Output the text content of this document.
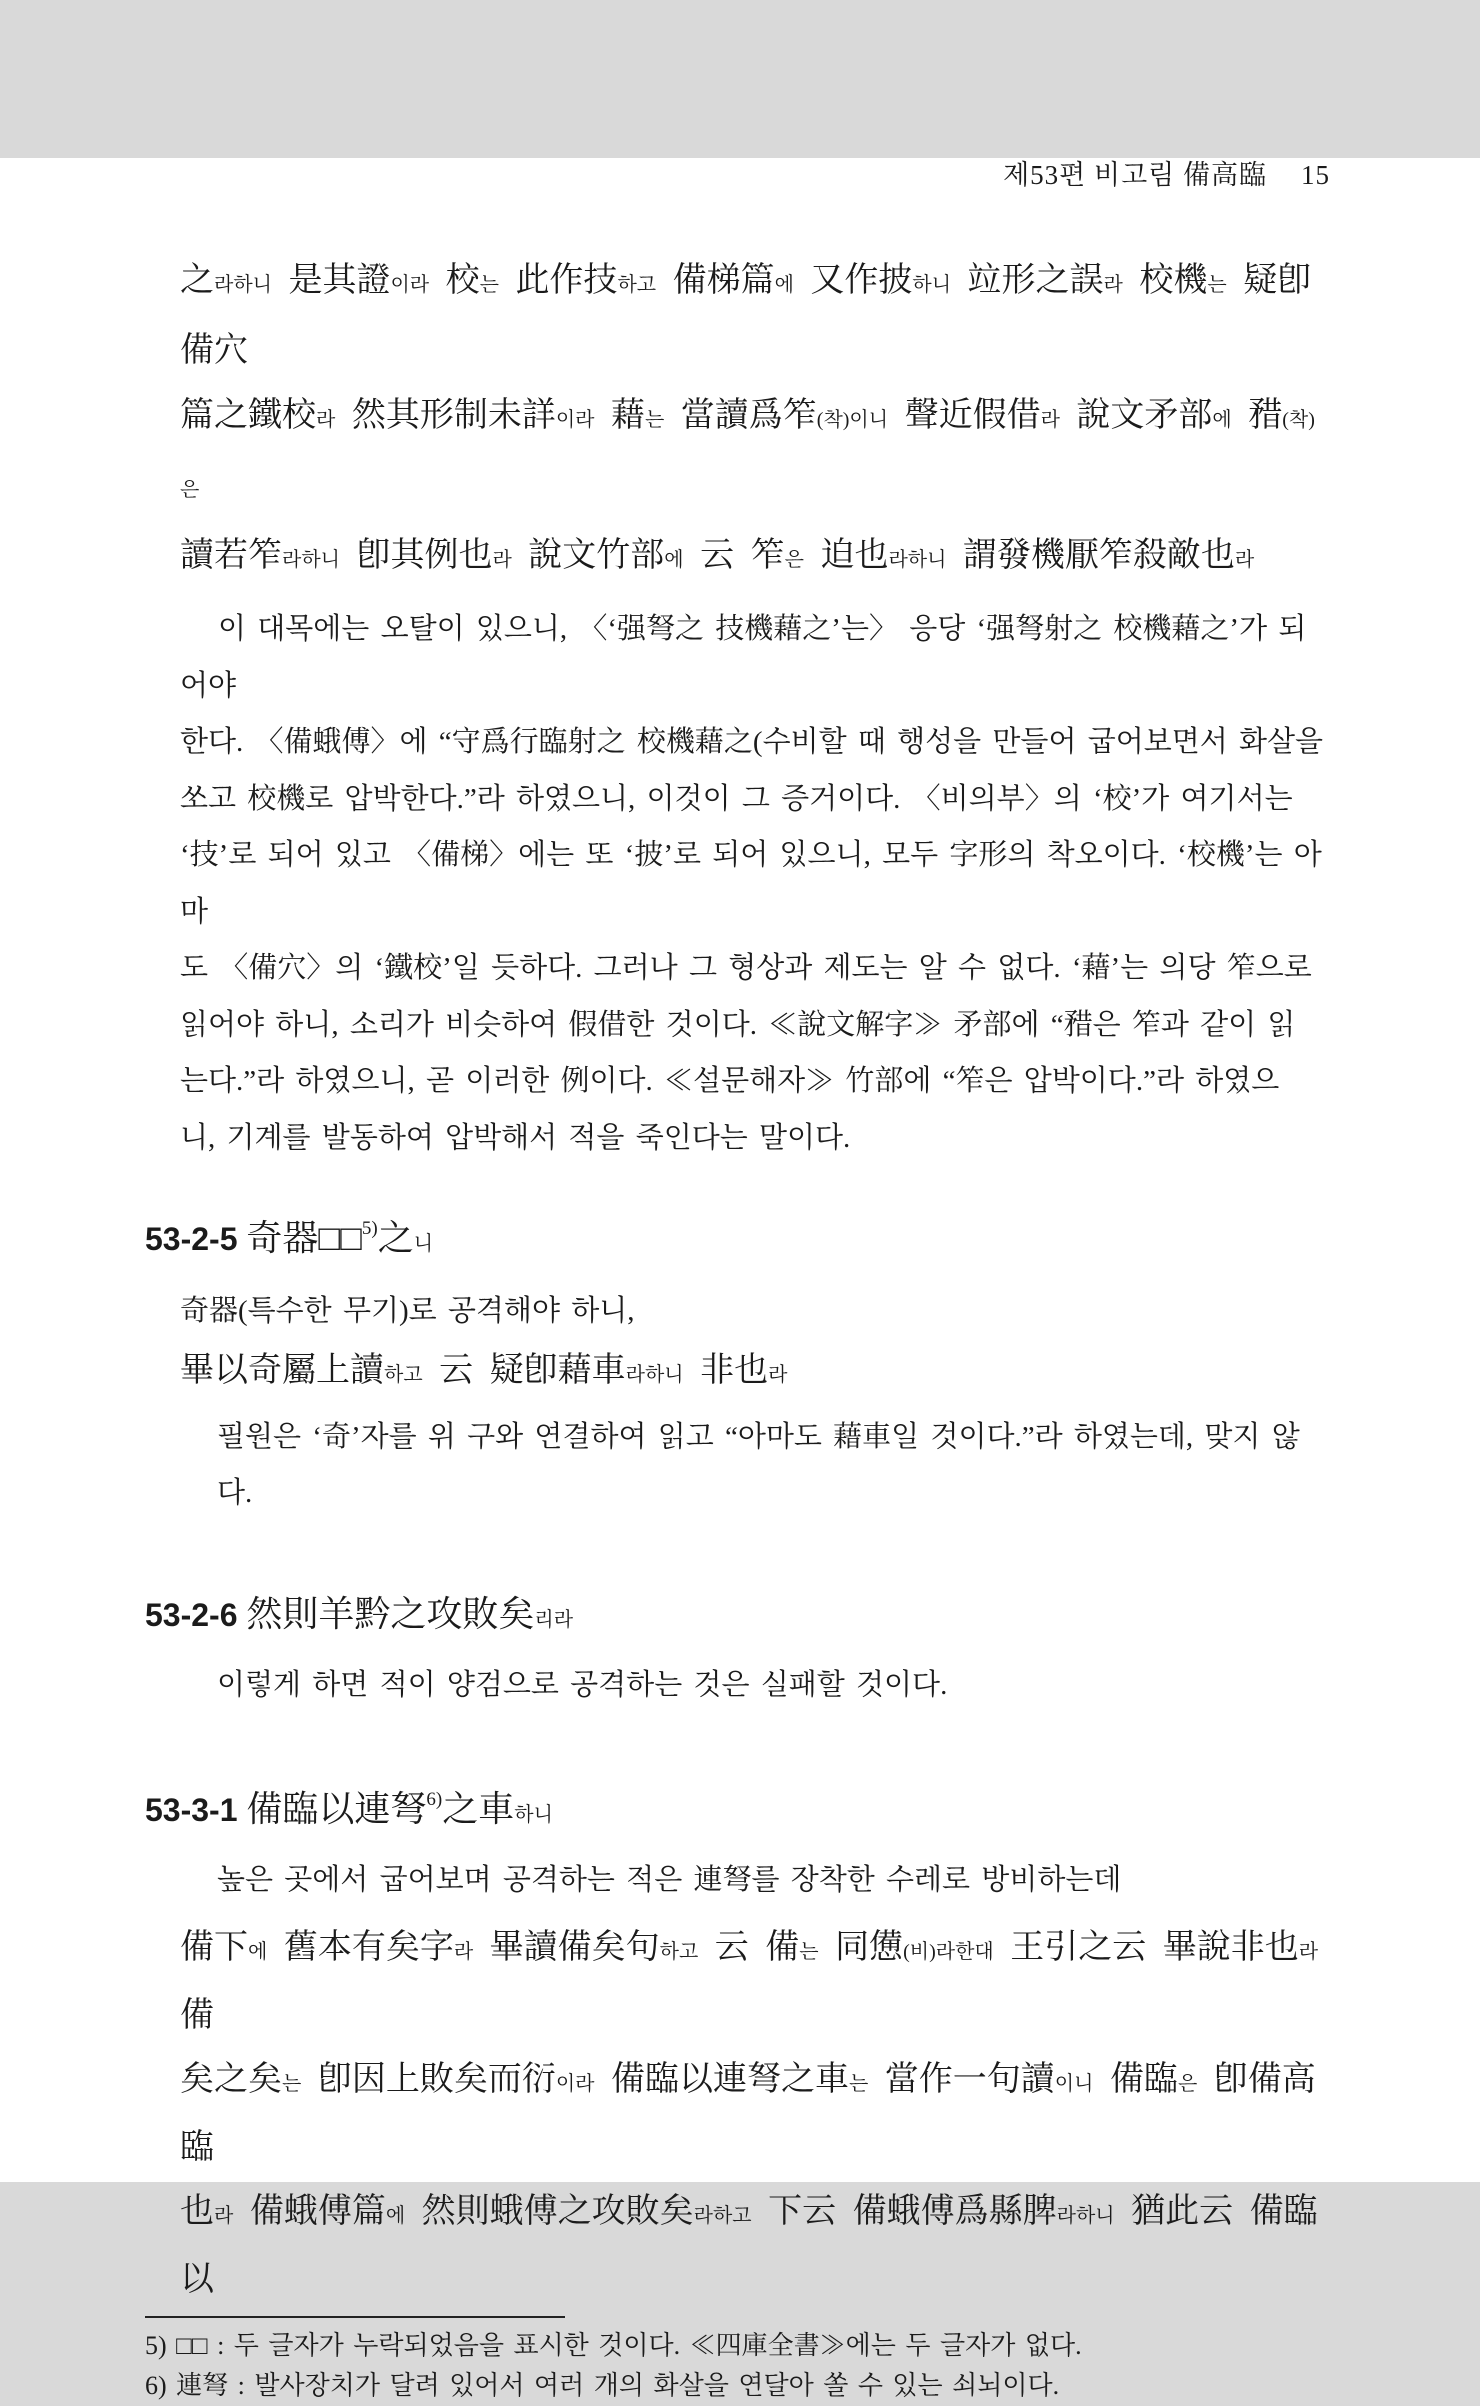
제53편 비고림 備高臨 15
之라하니 是其證이라 校는 此作技하고 備梯篇에 又作披하니 竝形之誤라 校機는 疑卽備穴
篇之鐵校라 然其形制未詳이라 藉는 當讀爲笮(착)이니 聲近假借라 說文矛部에 矠(착)은
讀若笮라하니 卽其例也라 說文竹部에 云 笮은 迫也라하니 謂發機厭笮殺敵也라
이 대목에는 오탈이 있으니, 〈‘强弩之 技機藉之’는〉 응당 ‘强弩射之 校機藉之’가 되어야
한다. 〈備蛾傅〉에 “守爲行臨射之 校機藉之(수비할 때 행성을 만들어 굽어보면서 화살을
쏘고 校機로 압박한다.”라 하였으니, 이것이 그 증거이다. 〈비의부〉의 ‘校’가 여기서는
‘技’로 되어 있고 〈備梯〉에는 또 ‘披’로 되어 있으니, 모두 字形의 착오이다. ‘校機’는 아마
도 〈備穴〉의 ‘鐵校’일 듯하다. 그러나 그 형상과 제도는 알 수 없다. ‘藉’는 의당 笮으로
읽어야 하니, 소리가 비슷하여 假借한 것이다. ≪說文解字≫ 矛部에 “矠은 笮과 같이 읽
는다.”라 하였으니, 곧 이러한 例이다. ≪설문해자≫ 竹部에 “笮은 압박이다.”라 하였으
니, 기계를 발동하여 압박해서 적을 죽인다는 말이다.
53-2-5 奇器□□$^{5)}$之니
奇器(특수한 무기)로 공격해야 하니,
畢以奇屬上讀하고 云 疑卽藉車라하니 非也라
필원은 ‘奇’자를 위 구와 연결하여 읽고 “아마도 藉車일 것이다.”라 하였는데, 맞지 않다.
53-2-6 然則羊黔之攻敗矣리라
이렇게 하면 적이 양검으로 공격하는 것은 실패할 것이다.
53-3-1 備臨以連弩$^{6)}$之車하니
높은 곳에서 굽어보며 공격하는 적은 連弩를 장착한 수레로 방비하는데
備下에 舊本有矣字라 畢讀備矣句하고 云 備는 同憊(비)라한대 王引之云 畢說非也라 備
矣之矣는 卽因上敗矣而衍이라 備臨以連弩之車는 當作一句讀이니 備臨은 卽備高臨
也라 備蛾傅篇에 然則蛾傅之攻敗矣라하고 下云 備蛾傅爲縣脾라하니 猶此云 備臨以
5) □□ : 두 글자가 누락되었음을 표시한 것이다. ≪四庫全書≫에는 두 글자가 없다.
6) 連弩 : 발사장치가 달려 있어서 여러 개의 화살을 연달아 쏠 수 있는 쇠뇌이다.
